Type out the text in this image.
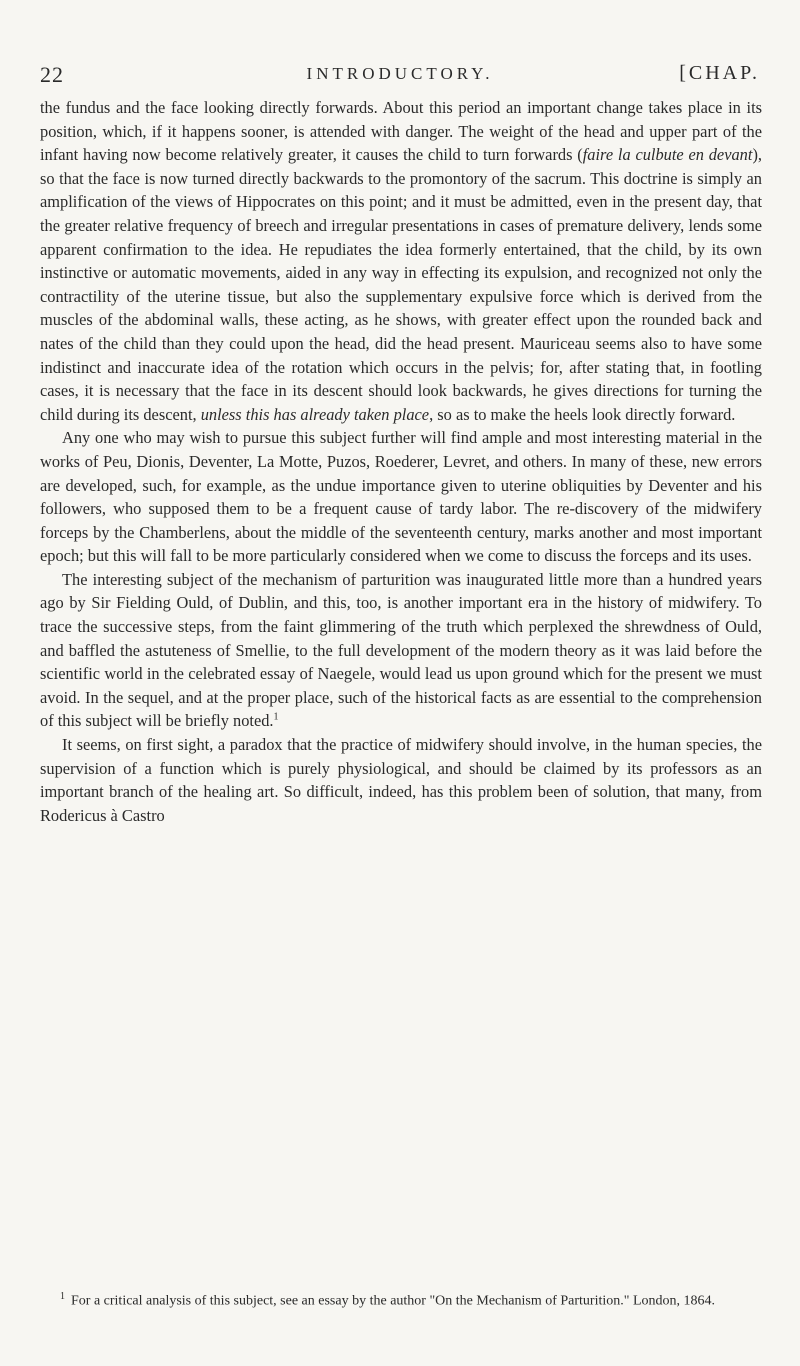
22	INTRODUCTORY.	[CHAP.

the fundus and the face looking directly forwards. About this period an important change takes place in its position, which, if it happens sooner, is attended with danger. The weight of the head and upper part of the infant having now become relatively greater, it causes the child to turn forwards (faire la culbute en devant), so that the face is now turned directly backwards to the promontory of the sacrum. This doctrine is simply an amplification of the views of Hippocrates on this point; and it must be admitted, even in the present day, that the greater relative frequency of breech and irregular presentations in cases of premature delivery, lends some apparent confirmation to the idea. He repudiates the idea formerly entertained, that the child, by its own instinctive or automatic movements, aided in any way in effecting its expulsion, and recognized not only the contractility of the uterine tissue, but also the supplementary expulsive force which is derived from the muscles of the abdominal walls, these acting, as he shows, with greater effect upon the rounded back and nates of the child than they could upon the head, did the head present. Mauriceau seems also to have some indistinct and inaccurate idea of the rotation which occurs in the pelvis; for, after stating that, in footling cases, it is necessary that the face in its descent should look backwards, he gives directions for turning the child during its descent, unless this has already taken place, so as to make the heels look directly forward.

Any one who may wish to pursue this subject further will find ample and most interesting material in the works of Peu, Dionis, Deventer, La Motte, Puzos, Roederer, Levret, and others. In many of these, new errors are developed, such, for example, as the undue importance given to uterine obliquities by Deventer and his followers, who supposed them to be a frequent cause of tardy labor. The re-discovery of the midwifery forceps by the Chamberlens, about the middle of the seventeenth century, marks another and most important epoch; but this will fall to be more particularly considered when we come to discuss the forceps and its uses.

The interesting subject of the mechanism of parturition was inaugurated little more than a hundred years ago by Sir Fielding Ould, of Dublin, and this, too, is another important era in the history of midwifery. To trace the successive steps, from the faint glimmering of the truth which perplexed the shrewdness of Ould, and baffled the astuteness of Smellie, to the full development of the modern theory as it was laid before the scientific world in the celebrated essay of Naegele, would lead us upon ground which for the present we must avoid. In the sequel, and at the proper place, such of the historical facts as are essential to the comprehension of this subject will be briefly noted.$^1$

It seems, on first sight, a paradox that the practice of midwifery should involve, in the human species, the supervision of a function which is purely physiological, and should be claimed by its professors as an important branch of the healing art. So difficult, indeed, has this problem been of solution, that many, from Rodericus à Castro

$^1$ For a critical analysis of this subject, see an essay by the author "On the Mechanism of Parturition." London, 1864.
